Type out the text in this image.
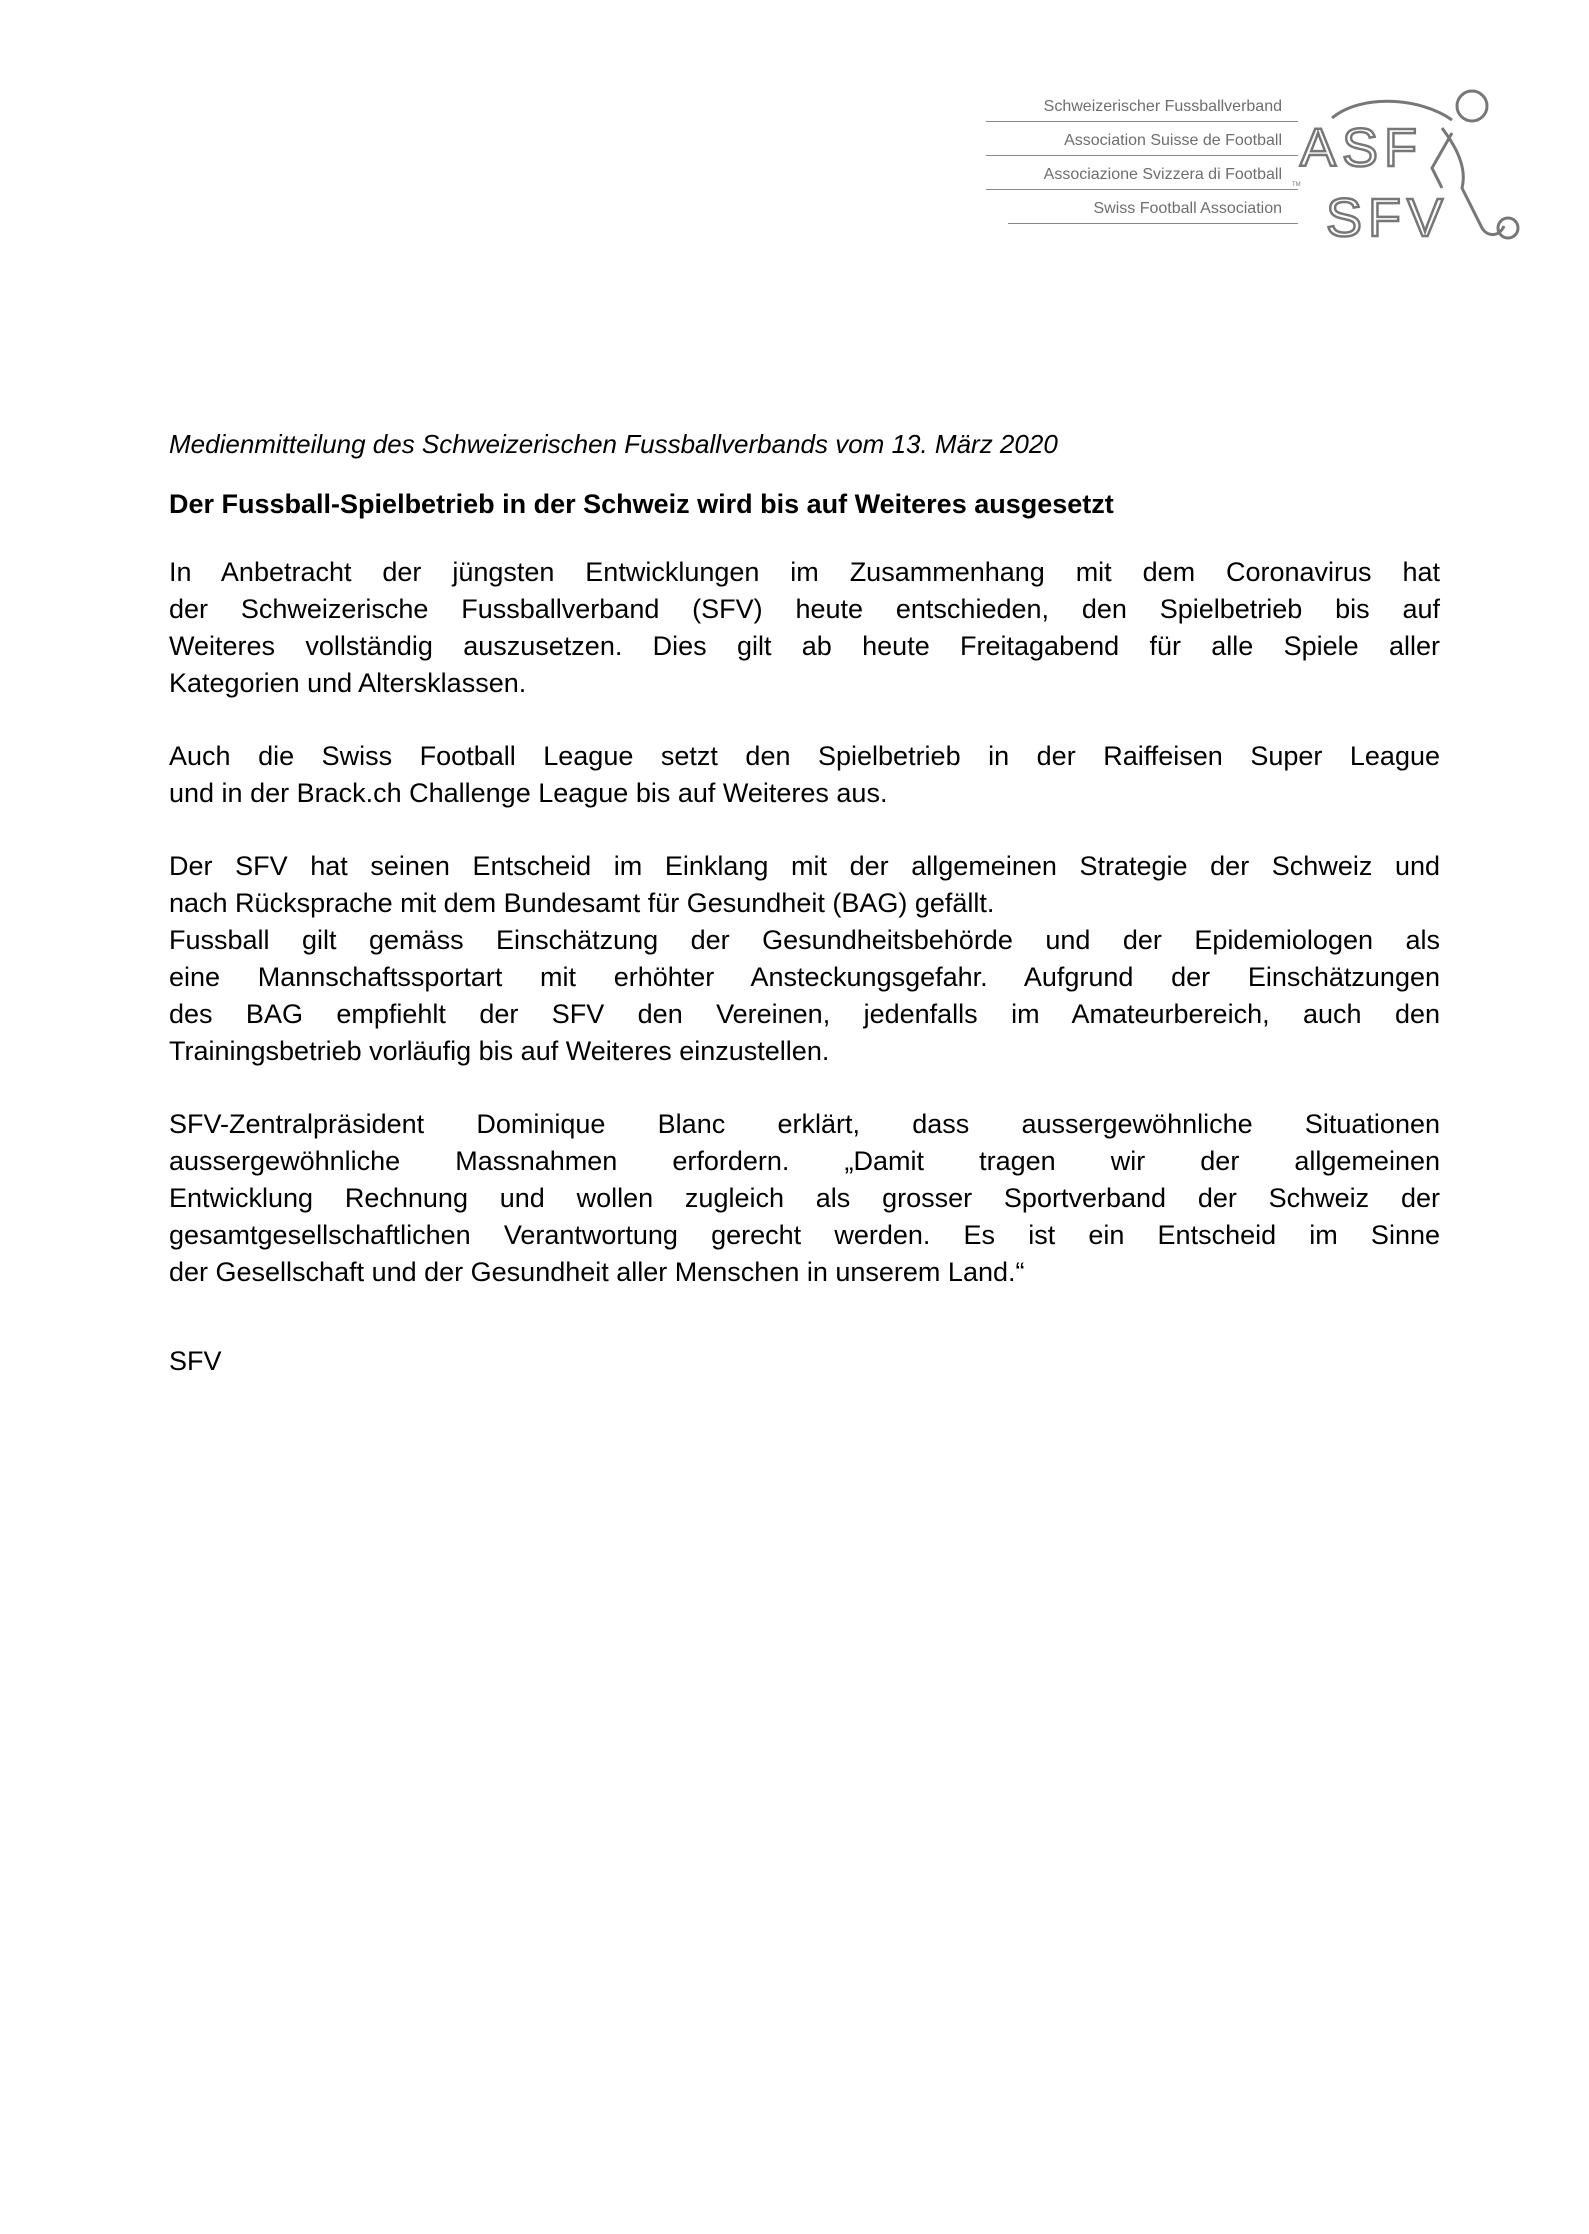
Schweizerischer Fussballverband
Association Suisse de Football
Associazione Svizzera di Football
Swiss Football Association
ASF
SFV
TM

Medienmitteilung des Schweizerischen Fussballverbands vom 13. März 2020

Der Fussball-Spielbetrieb in der Schweiz wird bis auf Weiteres ausgesetzt
In Anbetracht der jüngsten Entwicklungen im Zusammenhang mit dem Coronavirus hat
der Schweizerische Fussballverband (SFV) heute entschieden, den Spielbetrieb bis auf
Weiteres vollständig auszusetzen. Dies gilt ab heute Freitagabend für alle Spiele aller
Kategorien und Altersklassen.
Auch die Swiss Football League setzt den Spielbetrieb in der Raiffeisen Super League
und in der Brack.ch Challenge League bis auf Weiteres aus.
Der SFV hat seinen Entscheid im Einklang mit der allgemeinen Strategie der Schweiz und
nach Rücksprache mit dem Bundesamt für Gesundheit (BAG) gefällt.
Fussball gilt gemäss Einschätzung der Gesundheitsbehörde und der Epidemiologen als
eine Mannschaftssportart mit erhöhter Ansteckungsgefahr. Aufgrund der Einschätzungen
des BAG empfiehlt der SFV den Vereinen, jedenfalls im Amateurbereich, auch den
Trainingsbetrieb vorläufig bis auf Weiteres einzustellen.
SFV-Zentralpräsident Dominique Blanc erklärt, dass aussergewöhnliche Situationen
aussergewöhnliche Massnahmen erfordern. „Damit tragen wir der allgemeinen
Entwicklung Rechnung und wollen zugleich als grosser Sportverband der Schweiz der
gesamtgesellschaftlichen Verantwortung gerecht werden. Es ist ein Entscheid im Sinne
der Gesellschaft und der Gesundheit aller Menschen in unserem Land.“
SFV
